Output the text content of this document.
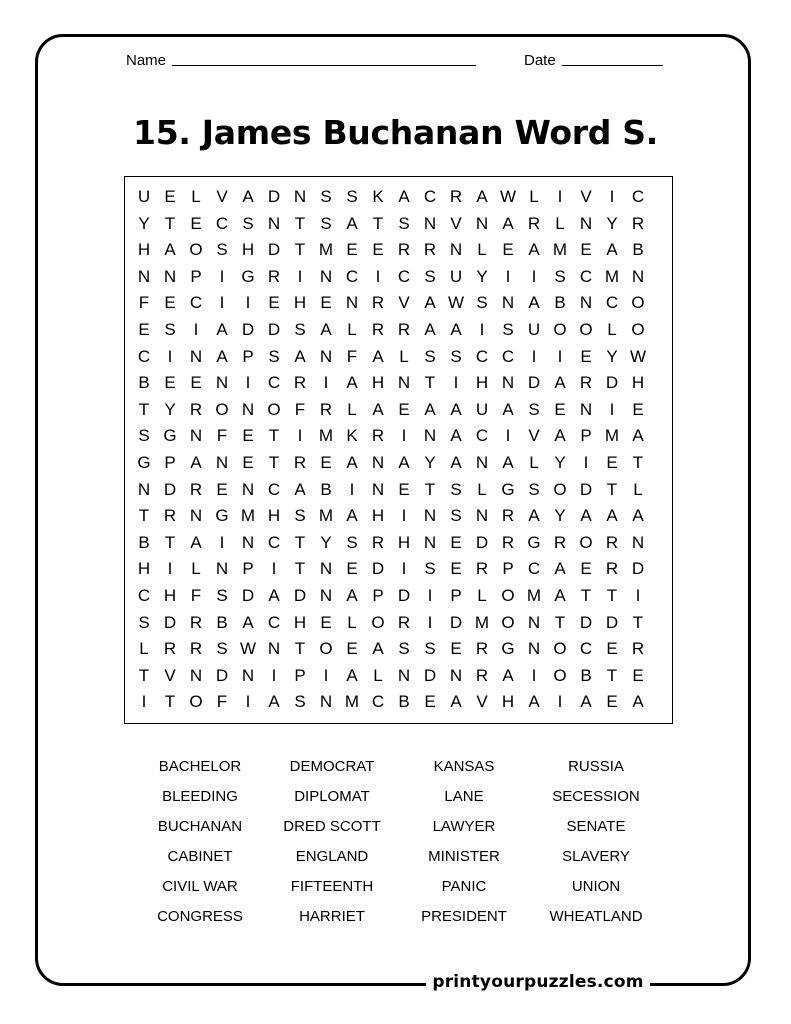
Name	Date
15. James Buchanan Word S.
U E L V A D N S S K A C R A W L	I	V	I	C
Y T E C S N T S A T S N V N A R L N Y R
H A O S H D T M E E R R N L E A M E A B
N N P	I	G R	I	N C	I	C S U Y	I	I	S C M N
F E C	I	I	E H E N R V A W S N A B N C O
E S	I	A D D S A L R R A A	I	S U O O L O
C	I	N A P S A N F A L S S C C	I	I	E Y W
B E E N	I	C R	I	A H N T	I	H N D A R D H
T Y R O N O F R L A E A A U A S E N	I	E
S G N F E T	I M K R	I	N A C	I	V A P M A
G P A N E T R E A N A Y A N A L Y	I	E T
N D R E N C A B	I	N E T S L G S O D T L
T R N G M H S M A H	I	N S N R A Y A A A
B T A	I	N C T Y S R H N E D R G R O R N
H	I	L N P	I	T N E D	I	S E R P C A E R D
C H F S D A D N A P D	I	P L O M A T T	I
S D R B A C H E L O R	I	D M O N T D D T
L R R S W N T O E A S S E R G N O C E R
T V N D N	I	P	I	A L N D N R A	I	O B T E
I	T O F	I	A S N M C B E A V H A	I	A E A
BACHELOR	DEMOCRAT	KANSAS	RUSSIA
BLEEDING	DIPLOMAT	LANE	SECESSION
BUCHANAN	DRED SCOTT	LAWYER	SENATE
CABINET	ENGLAND	MINISTER	SLAVERY
CIVIL WAR	FIFTEENTH	PANIC	UNION
CONGRESS	HARRIET	PRESIDENT	WHEATLAND
printyourpuzzles.com
